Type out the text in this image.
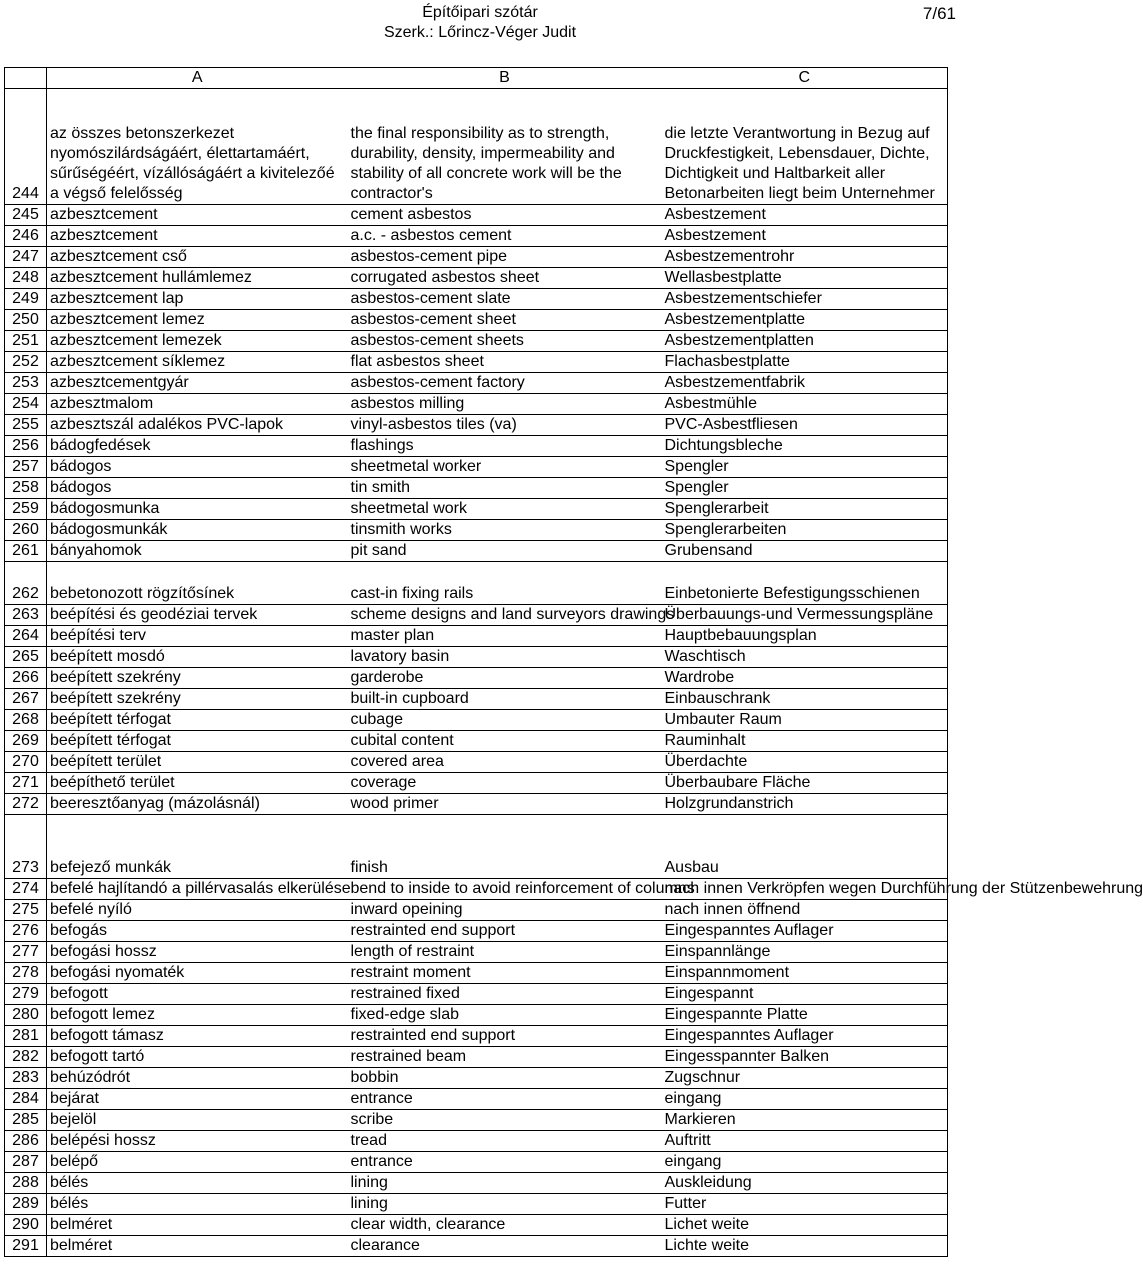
Építőipari szótár
Szerk.: Lőrincz-Véger Judit
7/61
	A	B	C
244	az összes betonszerkezet nyomószilárdságáért, élettartamáért, sűrűségéért, vízállóságáért a kivitelezőé a végső felelősség	the final responsibility as to strength, durability, density, impermeability and stability of all concrete work will be the contractor's	die letzte Verantwortung in Bezug auf Druckfestigkeit, Lebensdauer, Dichte, Dichtigkeit und Haltbarkeit aller Betonarbeiten liegt beim Unternehmer
245	azbesztcement	cement asbestos	Asbestzement
246	azbesztcement	a.c. - asbestos cement	Asbestzement
247	azbesztcement cső	asbestos-cement pipe	Asbestzementrohr
248	azbesztcement hullámlemez	corrugated asbestos sheet	Wellasbestplatte
249	azbesztcement lap	asbestos-cement slate	Asbestzementschiefer
250	azbesztcement lemez	asbestos-cement sheet	Asbestzementplatte
251	azbesztcement lemezek	asbestos-cement sheets	Asbestzementplatten
252	azbesztcement síklemez	flat asbestos sheet	Flachasbestplatte
253	azbesztcementgyár	asbestos-cement factory	Asbestzementfabrik
254	azbesztmalom	asbestos milling	Asbestmühle
255	azbesztszál adalékos PVC-lapok	vinyl-asbestos tiles (va)	PVC-Asbestfliesen
256	bádogfedések	flashings	Dichtungsbleche
257	bádogos	sheetmetal worker	Spengler
258	bádogos	tin smith	Spengler
259	bádogosmunka	sheetmetal work	Spenglerarbeit
260	bádogosmunkák	tinsmith works	Spenglerarbeiten
261	bányahomok	pit sand	Grubensand
262	bebetonozott rögzítősínek	cast-in fixing rails	Einbetonierte Befestigungsschienen
263	beépítési és geodéziai tervek	scheme designs and land surveyors drawings	Überbauungs-und Vermessungspläne
264	beépítési terv	master plan	Hauptbebauungsplan
265	beépített mosdó	lavatory basin	Waschtisch
266	beépített szekrény	garderobe	Wardrobe
267	beépített szekrény	built-in cupboard	Einbauschrank
268	beépített térfogat	cubage	Umbauter Raum
269	beépített térfogat	cubital content	Rauminhalt
270	beépített terület	covered area	Überdachte
271	beépíthető terület	coverage	Überbaubare Fläche
272	beeresztőanyag (mázolásnál)	wood primer	Holzgrundanstrich
273	befejező munkák	finish	Ausbau
274	befelé hajlítandó a pillérvasalás elkerülése	bend to inside to avoid reinforcement of columns	nach innen Verkröpfen wegen Durchführung der Stützenbewehrung
275	befelé nyíló	inward opeining	nach innen öffnend
276	befogás	restrainted end support	Eingespanntes Auflager
277	befogási hossz	length of restraint	Einspannlänge
278	befogási nyomaték	restraint moment	Einspannmoment
279	befogott	restrained fixed	Eingespannt
280	befogott lemez	fixed-edge slab	Eingespannte Platte
281	befogott támasz	restrainted end support	Eingespanntes Auflager
282	befogott tartó	restrained beam	Eingesspannter Balken
283	behúzódrót	bobbin	Zugschnur
284	bejárat	entrance	eingang
285	bejelöl	scribe	Markieren
286	belépési hossz	tread	Auftritt
287	belépő	entrance	eingang
288	bélés	lining	Auskleidung
289	bélés	lining	Futter
290	belméret	clear width, clearance	Lichet weite
291	belméret	clearance	Lichte weite
